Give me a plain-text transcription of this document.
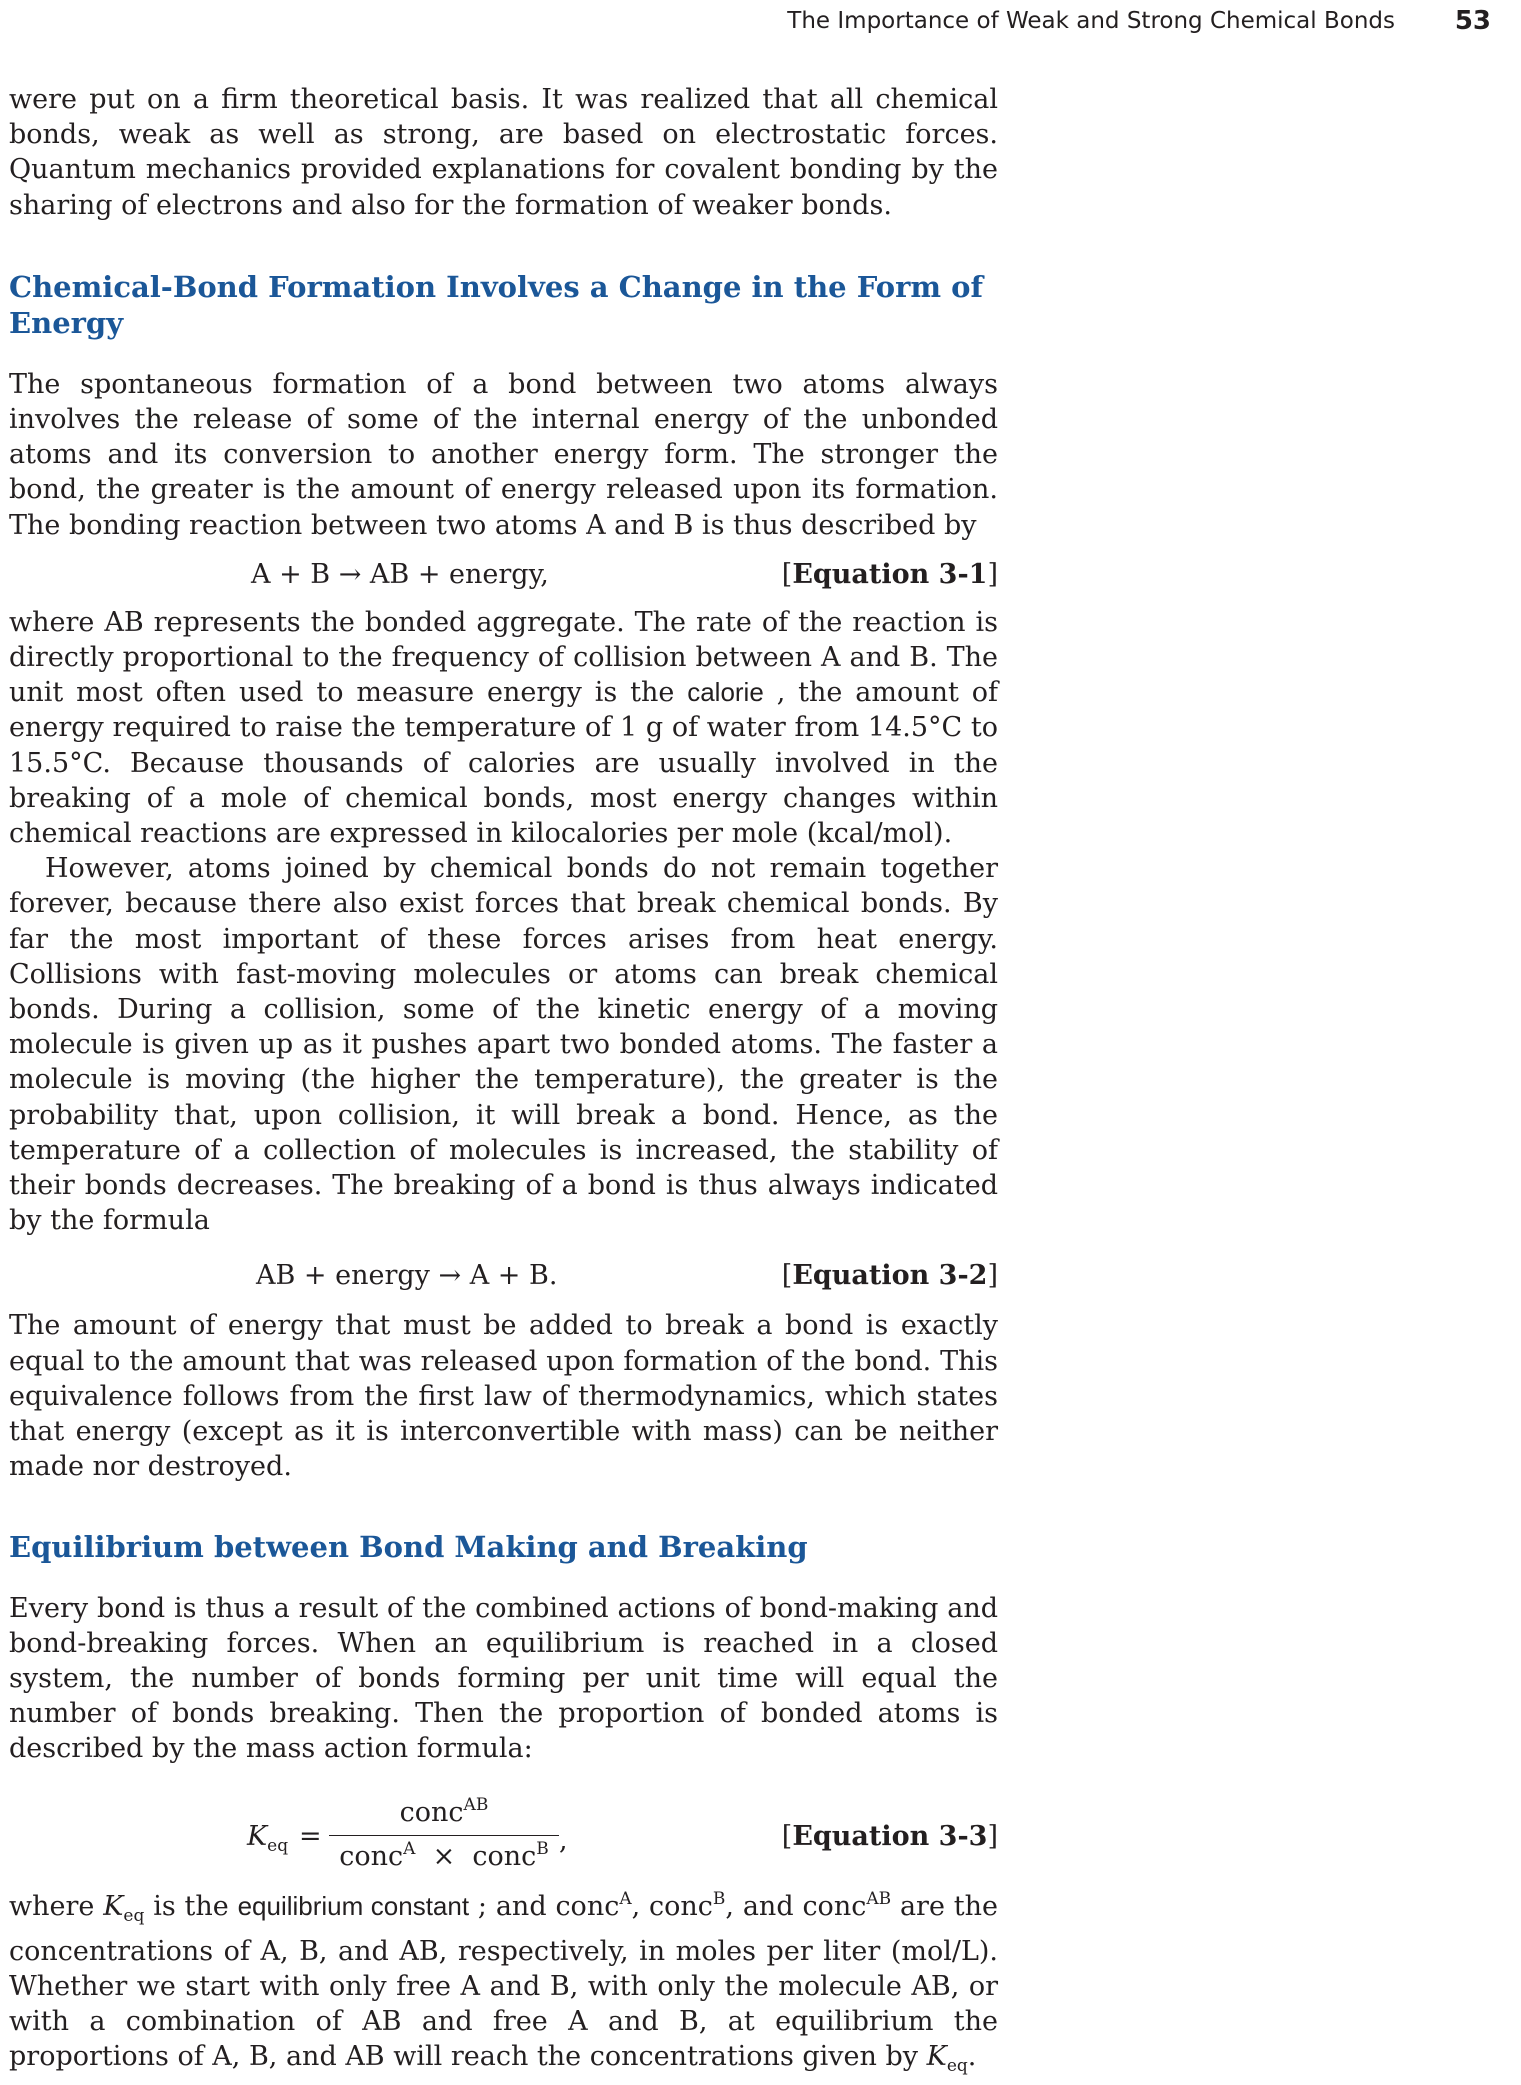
The Importance of Weak and Strong Chemical Bonds 53

were put on a firm theoretical basis. It was realized that all chemical bonds, weak as well as strong, are based on electrostatic forces. Quantum mechanics provided explanations for covalent bonding by the sharing of electrons and also for the formation of weaker bonds.

Chemical-Bond Formation Involves a Change in the Form of Energy

The spontaneous formation of a bond between two atoms always involves the release of some of the internal energy of the unbonded atoms and its conversion to another energy form. The stronger the bond, the greater is the amount of energy released upon its formation. The bonding reaction between two atoms A and B is thus described by

A + B → AB + energy,	[Equation 3-1]

where AB represents the bonded aggregate. The rate of the reaction is directly proportional to the frequency of collision between A and B. The unit most often used to measure energy is the calorie , the amount of energy required to raise the temperature of 1 g of water from 14.5°C to 15.5°C. Because thousands of calories are usually involved in the breaking of a mole of chemical bonds, most energy changes within chemical reactions are expressed in kilocalories per mole (kcal/mol).

However, atoms joined by chemical bonds do not remain together forever, because there also exist forces that break chemical bonds. By far the most important of these forces arises from heat energy. Collisions with fast-moving molecules or atoms can break chemical bonds. During a collision, some of the kinetic energy of a moving molecule is given up as it pushes apart two bonded atoms. The faster a molecule is moving (the higher the temperature), the greater is the probability that, upon collision, it will break a bond. Hence, as the temperature of a collection of molecules is increased, the stability of their bonds decreases. The breaking of a bond is thus always indicated by the formula

AB + energy → A + B.	[Equation 3-2]

The amount of energy that must be added to break a bond is exactly equal to the amount that was released upon formation of the bond. This equivalence follows from the first law of thermodynamics, which states that energy (except as it is interconvertible with mass) can be neither made nor destroyed.

Equilibrium between Bond Making and Breaking

Every bond is thus a result of the combined actions of bond-making and bond-breaking forces. When an equilibrium is reached in a closed system, the number of bonds forming per unit time will equal the number of bonds breaking. Then the proportion of bonded atoms is described by the mass action formula:

$K_{eq}$ =
conc$^{AB}$
conc$^A$ × conc$^B$ ,	[Equation 3-3]

where $K_{eq}$ is the equilibrium constant ; and conc$^A$, conc$^B$, and conc$^{AB}$ are the concentrations of A, B, and AB, respectively, in moles per liter (mol/L). Whether we start with only free A and B, with only the molecule AB, or with a combination of AB and free A and B, at equilibrium the proportions of A, B, and AB will reach the concentrations given by $K_{eq}$.
